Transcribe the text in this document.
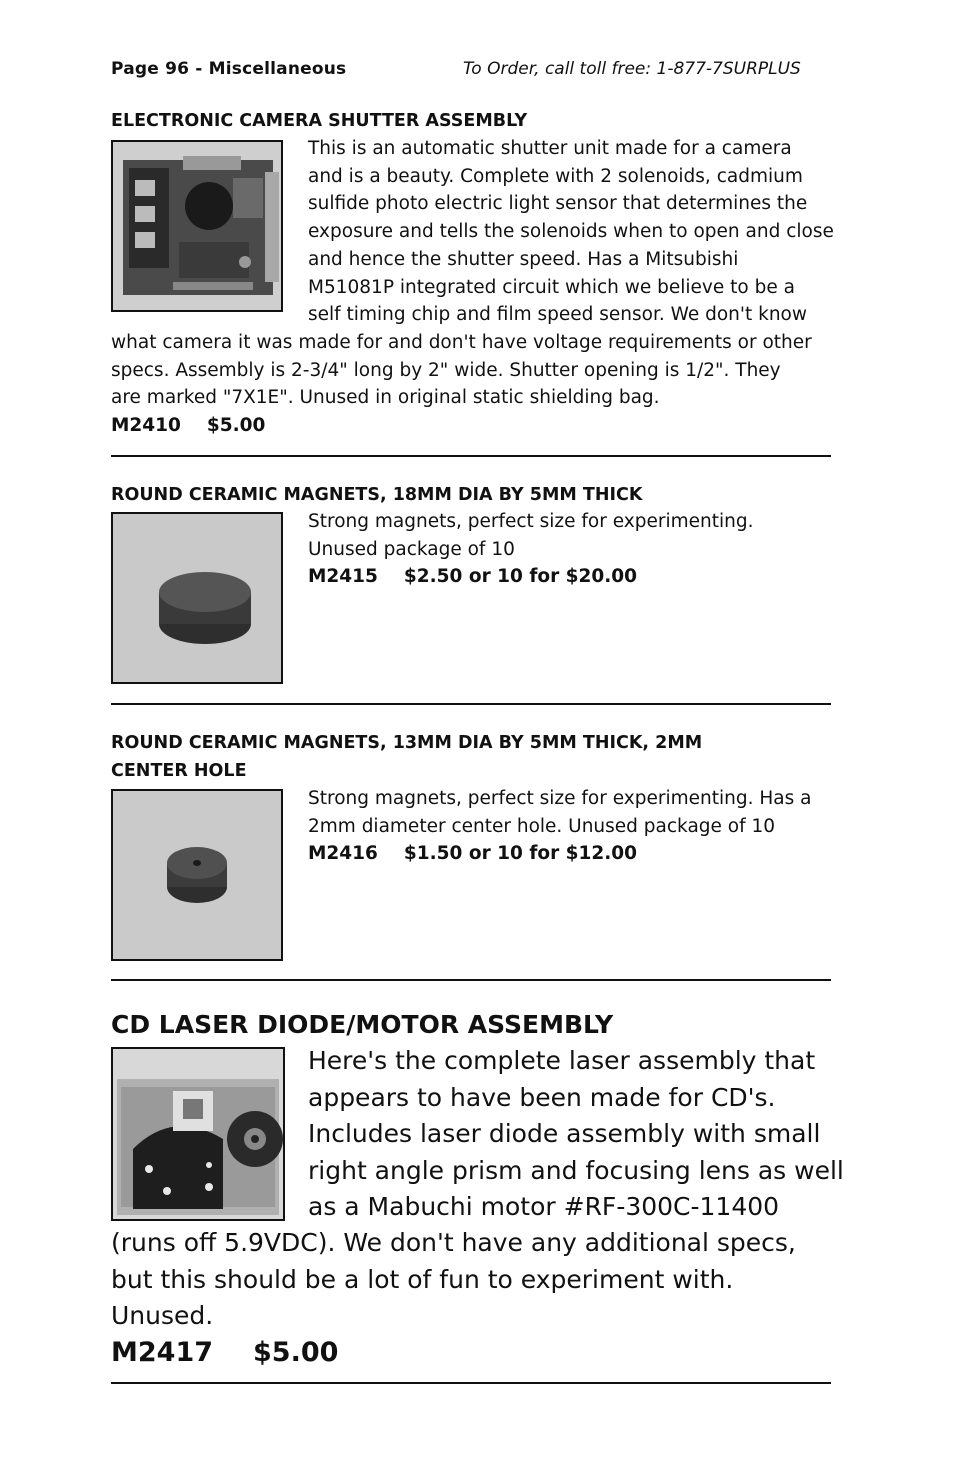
Page 96 - Miscellaneous	To Order, call toll free: 1-877-7SURPLUS

ELECTRONIC CAMERA SHUTTER ASSEMBLY

This is an automatic shutter unit made for a camera

and is a beauty. Complete with 2 solenoids, cadmium

sulfide photo electric light sensor that determines the

exposure and tells the solenoids when to open and close

and hence the shutter speed. Has a Mitsubishi

M51081P integrated circuit which we believe to be a

self timing chip and film speed sensor. We don't know

what camera it was made for and don't have voltage requirements or other

specs. Assembly is 2-3/4" long by 2" wide. Shutter opening is 1/2". They

are marked "7X1E". Unused in original static shielding bag.

M2410 $5.00

ROUND CERAMIC MAGNETS, 18MM DIA BY 5MM THICK

Strong magnets, perfect size for experimenting.

Unused package of 10

M2415 $2.50 or 10 for $20.00

ROUND CERAMIC MAGNETS, 13MM DIA BY 5MM THICK, 2MM

CENTER HOLE

Strong magnets, perfect size for experimenting. Has a

2mm diameter center hole. Unused package of 10

M2416 $1.50 or 10 for $12.00

CD LASER DIODE/MOTOR ASSEMBLY

Here's the complete laser assembly that

appears to have been made for CD's.

Includes laser diode assembly with small

right angle prism and focusing lens as well

as a Mabuchi motor #RF-300C-11400

(runs off 5.9VDC). We don't have any additional specs,

but this should be a lot of fun to experiment with.

Unused.

M2417 $5.00
